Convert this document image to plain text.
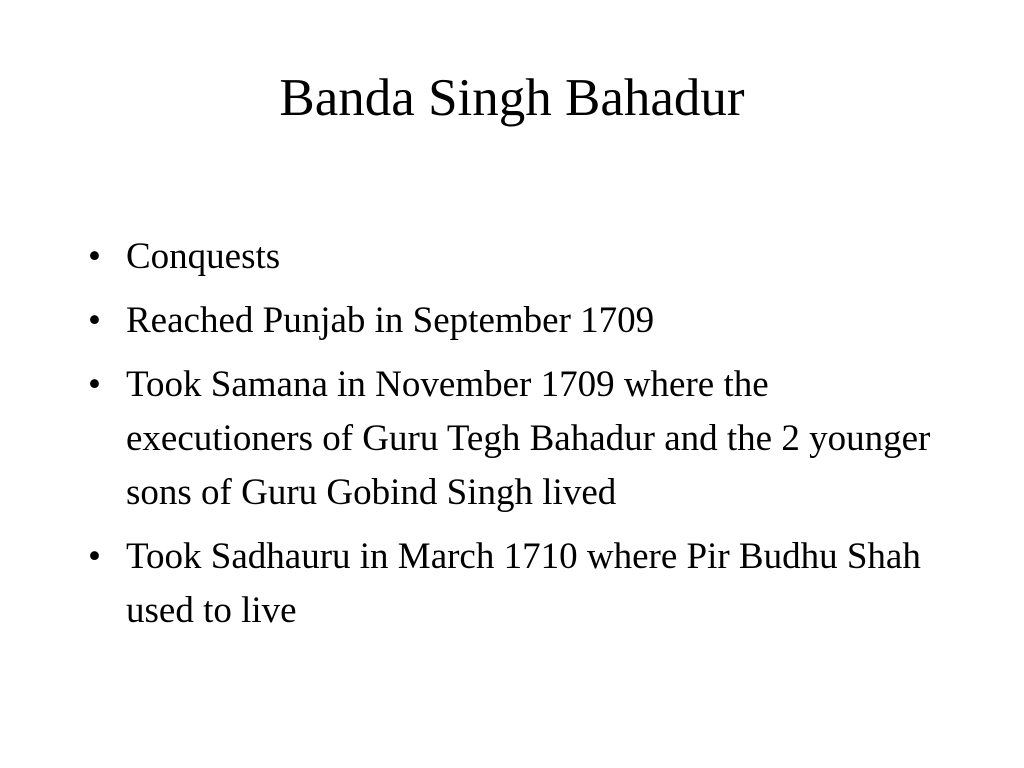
Banda Singh Bahadur
• Conquests
• Reached Punjab in September 1709
• Took Samana in November 1709 where the executioners of Guru Tegh Bahadur and the 2 younger sons of Guru Gobind Singh lived
• Took Sadhauru in March 1710 where Pir Budhu Shah used to live
